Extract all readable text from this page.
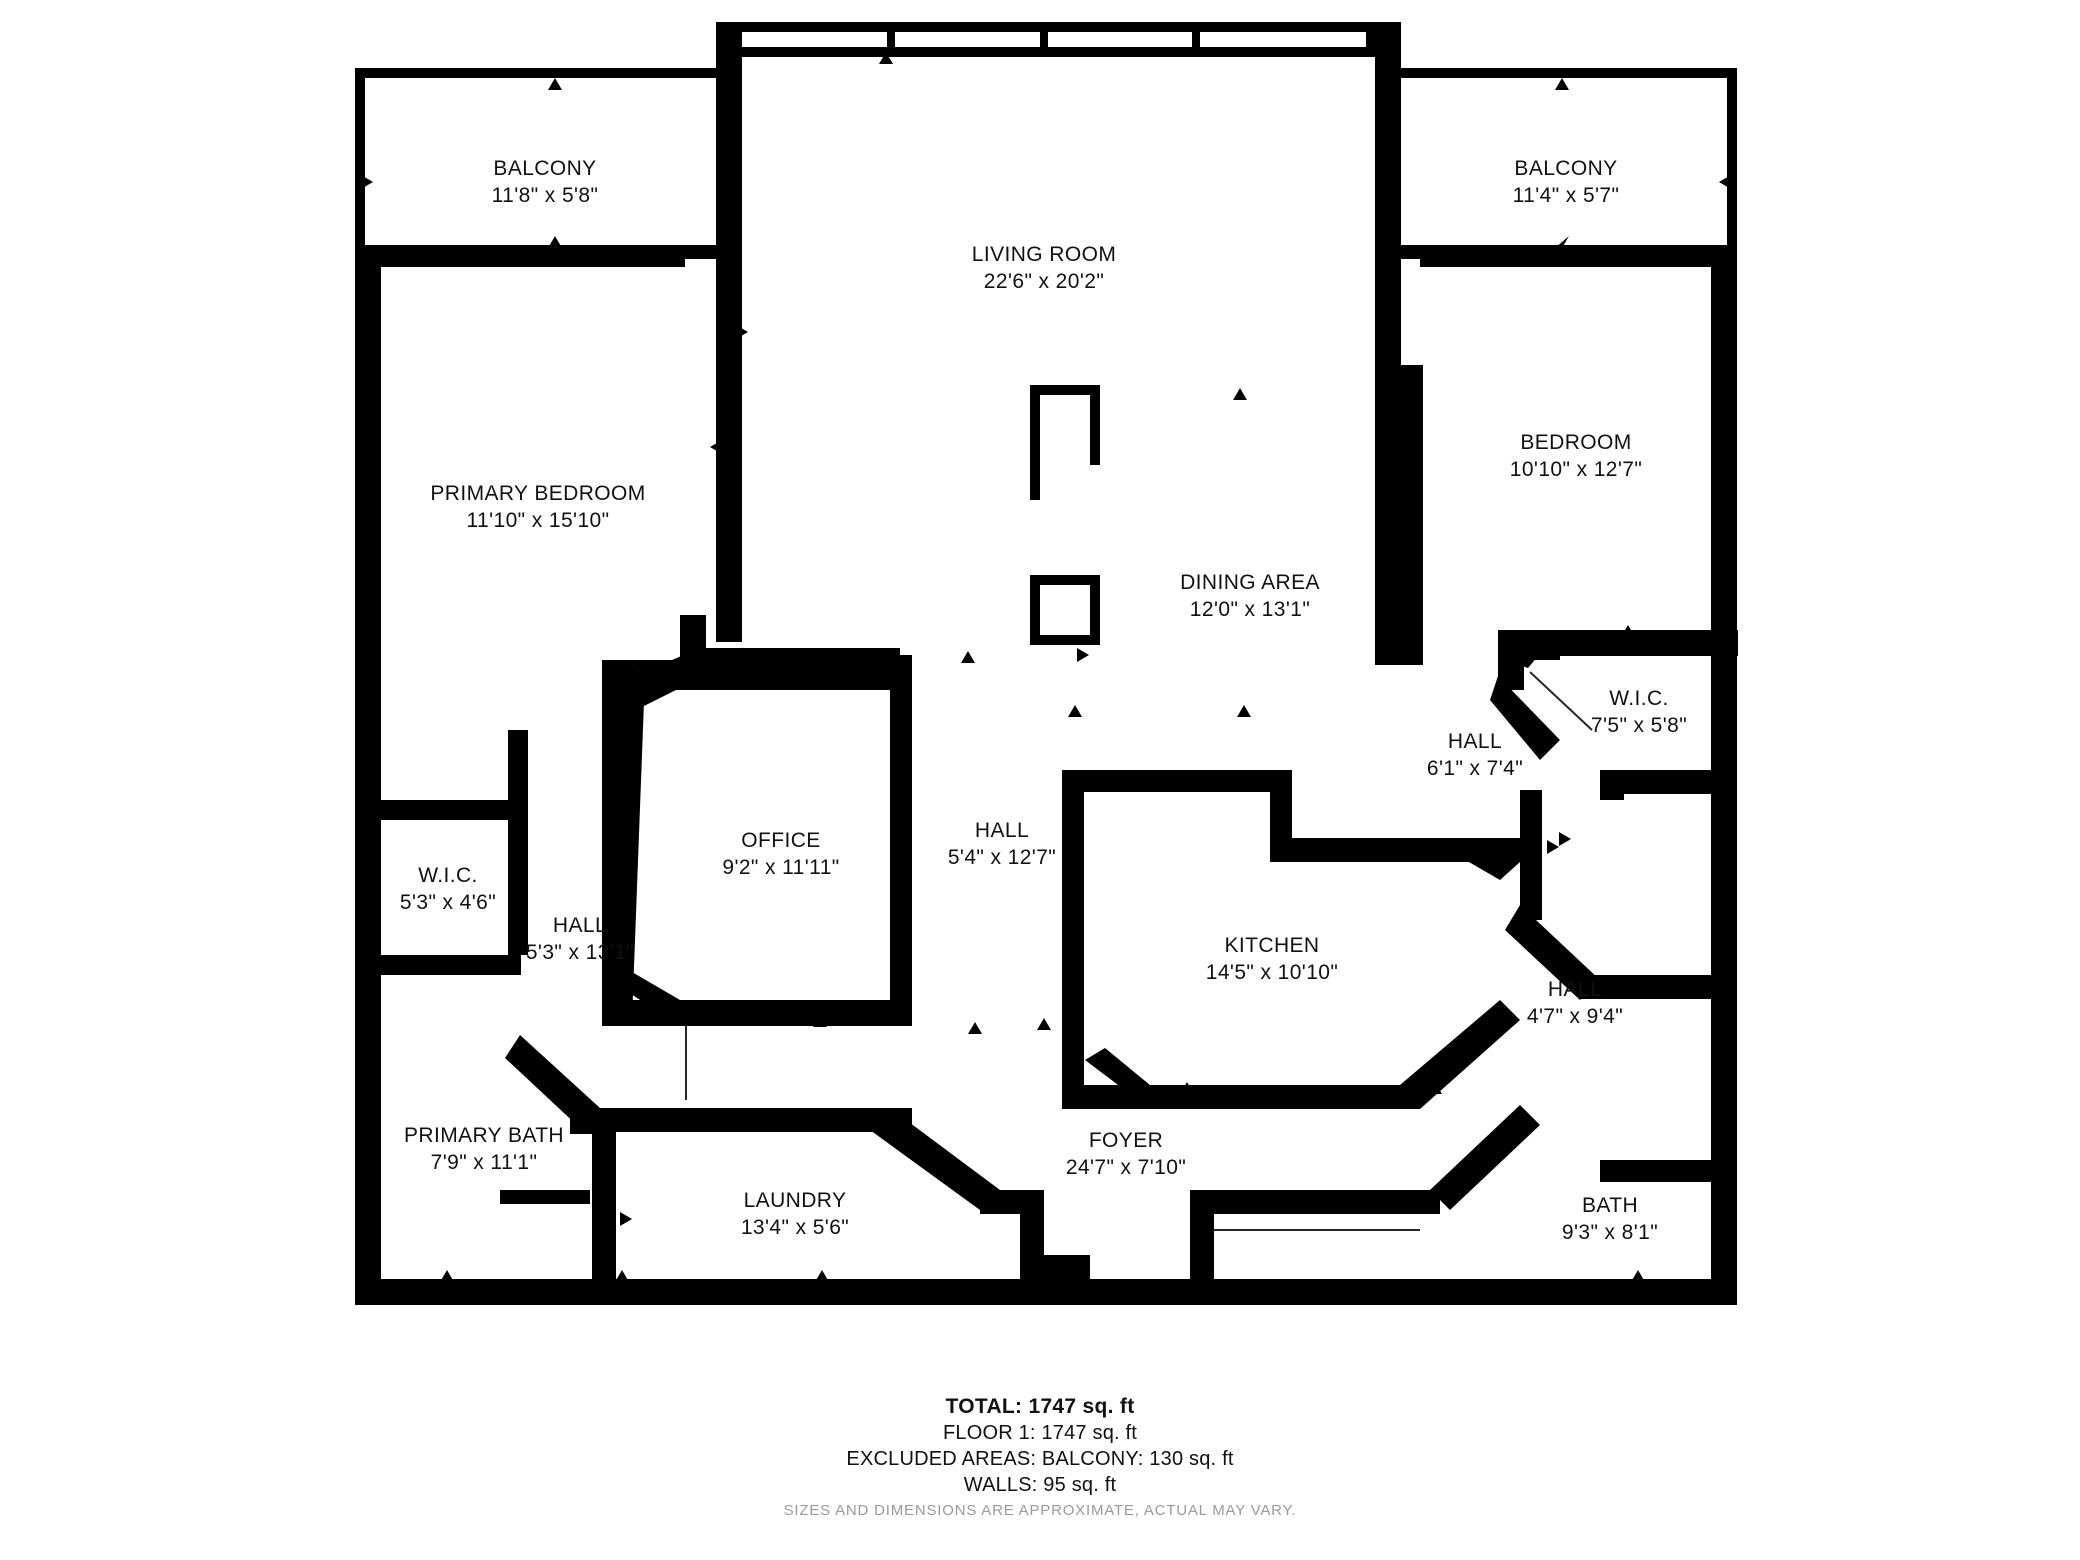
BALCONY
11'8" x 5'8"
BALCONY
11'4" x 5'7"
LIVING ROOM
22'6" x 20'2"
PRIMARY BEDROOM
11'10" x 15'10"
BEDROOM
10'10" x 12'7"
DINING AREA
12'0" x 13'1"
W.I.C.
7'5" x 5'8"
HALL
6'1" x 7'4"
OFFICE
9'2" x 11'11"
HALL
5'4" x 12'7"
W.I.C.
5'3" x 4'6"
HALL
5'3" x 13'1"	KITCHEN
14'5" x 10'10"
HALL
4'7" x 9'4"
PRIMARY BATH
7'9" x 11'1"
FOYER
24'7" x 7'10"
LAUNDRY
13'4" x 5'6"
BATH
9'3" x 8'1"
TOTAL: 1747 sq. ft
FLOOR 1: 1747 sq. ft
EXCLUDED AREAS: BALCONY: 130 sq. ft
WALLS: 95 sq. ft
SIZES AND DIMENSIONS ARE APPROXIMATE, ACTUAL MAY VARY.
